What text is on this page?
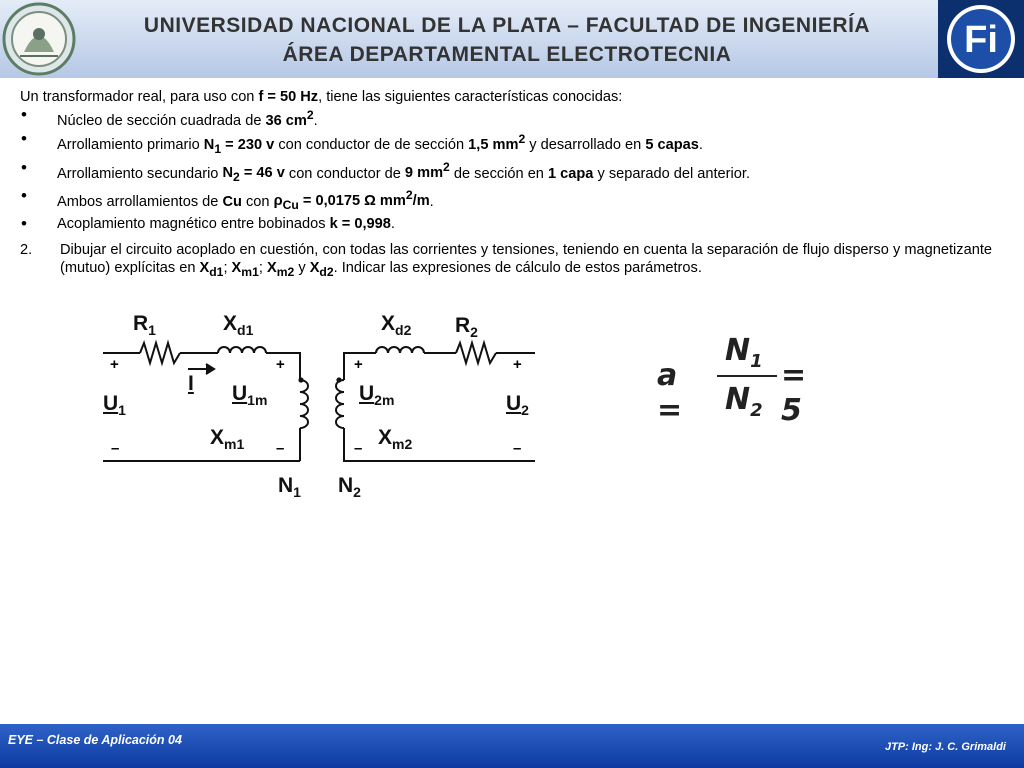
UNIVERSIDAD NACIONAL DE LA PLATA – FACULTAD DE INGENIERÍA
ÁREA DEPARTAMENTAL ELECTROTECNIA	Fi

Un transformador real, para uso con f = 50 Hz, tiene las siguientes características conocidas:

• Núcleo de sección cuadrada de 36 $cm^2$.
• Arrollamiento primario $N_1 = 230$ v con conductor de de sección 1,5 $mm^2$ y desarrollado en 5 capas.
• Arrollamiento secundario $N_2 = 46$ v con conductor de 9 $mm^2$ de sección en 1 capa y separado del anterior.
• Ambos arrollamientos de Cu con $\rho_{Cu} = 0,0175$ Ω $mm^2/m$.
• Acoplamiento magnético entre bobinados k = 0,998.
2. Dibujar el circuito acoplado en cuestión, con todas las corrientes y tensiones, teniendo en cuenta la separación de flujo disperso y magnetizante (mutuo) explícitas en $X_{d1}$; $X_{m1}$; $X_{m2}$ y $X_{d2}$. Indicar las expresiones de cálculo de estos parámetros.
$R_1$	$X_{d1}$	$X_{d2}$ $R_2$
I $U_{1m}$	$U_{2m}$
$U_1$	$U_2$
$X_{m1}$	$X_{m2}$
$N_1$ $N_2$
+	+	+	+
–	–	–	–
a =
$N_1$
$N_2$
= 5
EYE – Clase de Aplicación 04	JTP: Ing: J. C. Grimaldi
